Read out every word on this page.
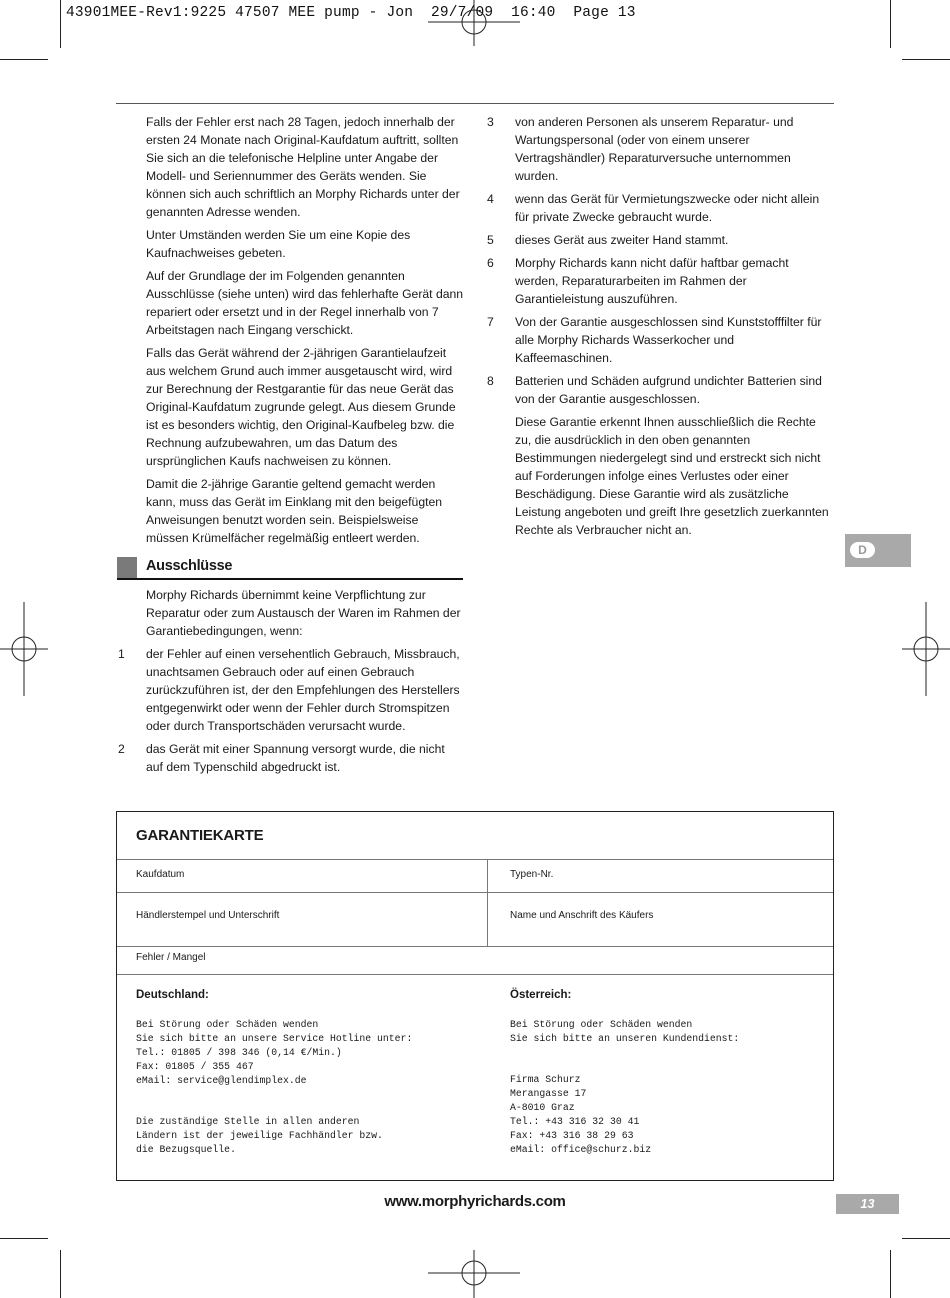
43901MEE-Rev1:9225 47507 MEE pump - Jon  29/7/09  16:40  Page 13

Falls der Fehler erst nach 28 Tagen, jedoch innerhalb der ersten 24 Monate nach Original-Kaufdatum auftritt, sollten Sie sich an die telefonische Helpline unter Angabe der Modell- und Seriennummer des Geräts wenden. Sie können sich auch schriftlich an Morphy Richards unter der genannten Adresse wenden.

Unter Umständen werden Sie um eine Kopie des Kaufnachweises gebeten.

Auf der Grundlage der im Folgenden genannten Ausschlüsse (siehe unten) wird das fehlerhafte Gerät dann repariert oder ersetzt und in der Regel innerhalb von 7 Arbeitstagen nach Eingang verschickt.

Falls das Gerät während der 2-jährigen Garantielaufzeit aus welchem Grund auch immer ausgetauscht wird, wird zur Berechnung der Restgarantie für das neue Gerät das Original-Kaufdatum zugrunde gelegt. Aus diesem Grunde ist es besonders wichtig, den Original-Kaufbeleg bzw. die Rechnung aufzubewahren, um das Datum des ursprünglichen Kaufs nachweisen zu können.

Damit die 2-jährige Garantie geltend gemacht werden kann, muss das Gerät im Einklang mit den beigefügten Anweisungen benutzt worden sein. Beispielsweise müssen Krümelfächer regelmäßig entleert werden.

Ausschlüsse

Morphy Richards übernimmt keine Verpflichtung zur Reparatur oder zum Austausch der Waren im Rahmen der Garantiebedingungen, wenn:

1 der Fehler auf einen versehentlich Gebrauch, Missbrauch, unachtsamen Gebrauch oder auf einen Gebrauch zurückzuführen ist, der den Empfehlungen des Herstellers entgegenwirkt oder wenn der Fehler durch Stromspitzen oder durch Transportschäden verursacht wurde.
2 das Gerät mit einer Spannung versorgt wurde, die nicht auf dem Typenschild abgedruckt ist.
3 von anderen Personen als unserem Reparatur- und Wartungspersonal (oder von einem unserer Vertragshändler) Reparaturversuche unternommen wurden.
4 wenn das Gerät für Vermietungszwecke oder nicht allein für private Zwecke gebraucht wurde.
5 dieses Gerät aus zweiter Hand stammt.
6 Morphy Richards kann nicht dafür haftbar gemacht werden, Reparaturarbeiten im Rahmen der Garantieleistung auszuführen.
7 Von der Garantie ausgeschlossen sind Kunststofffilter für alle Morphy Richards Wasserkocher und Kaffeemaschinen.
8 Batterien und Schäden aufgrund undichter Batterien sind von der Garantie ausgeschlossen.

Diese Garantie erkennt Ihnen ausschließlich die Rechte zu, die ausdrücklich in den oben genannten Bestimmungen niedergelegt sind und erstreckt sich nicht auf Forderungen infolge eines Verlustes oder einer Beschädigung. Diese Garantie wird als zusätzliche Leistung angeboten und greift Ihre gesetzlich zuerkannten Rechte als Verbraucher nicht an.

D
GARANTIEKARTE
Kaufdatum	Typen-Nr.
Händlerstempel und Unterschrift	Name und Anschrift des Käufers
Fehler / Mangel
Deutschland:
Bei Störung oder Schäden wenden
Sie sich bitte an unsere Service Hotline unter:
Tel.: 01805 / 398 346 (0,14 €/Min.)
Fax: 01805 / 355 467
eMail: service@glendimplex.de
Die zuständige Stelle in allen anderen
Ländern ist der jeweilige Fachhändler bzw.
die Bezugsquelle.
Österreich:
Bei Störung oder Schäden wenden
Sie sich bitte an unseren Kundendienst:
Firma Schurz
Merangasse 17
A-8010 Graz
Tel.: +43 316 32 30 41
Fax: +43 316 38 29 63
eMail: office@schurz.biz
www.morphyrichards.com	13
